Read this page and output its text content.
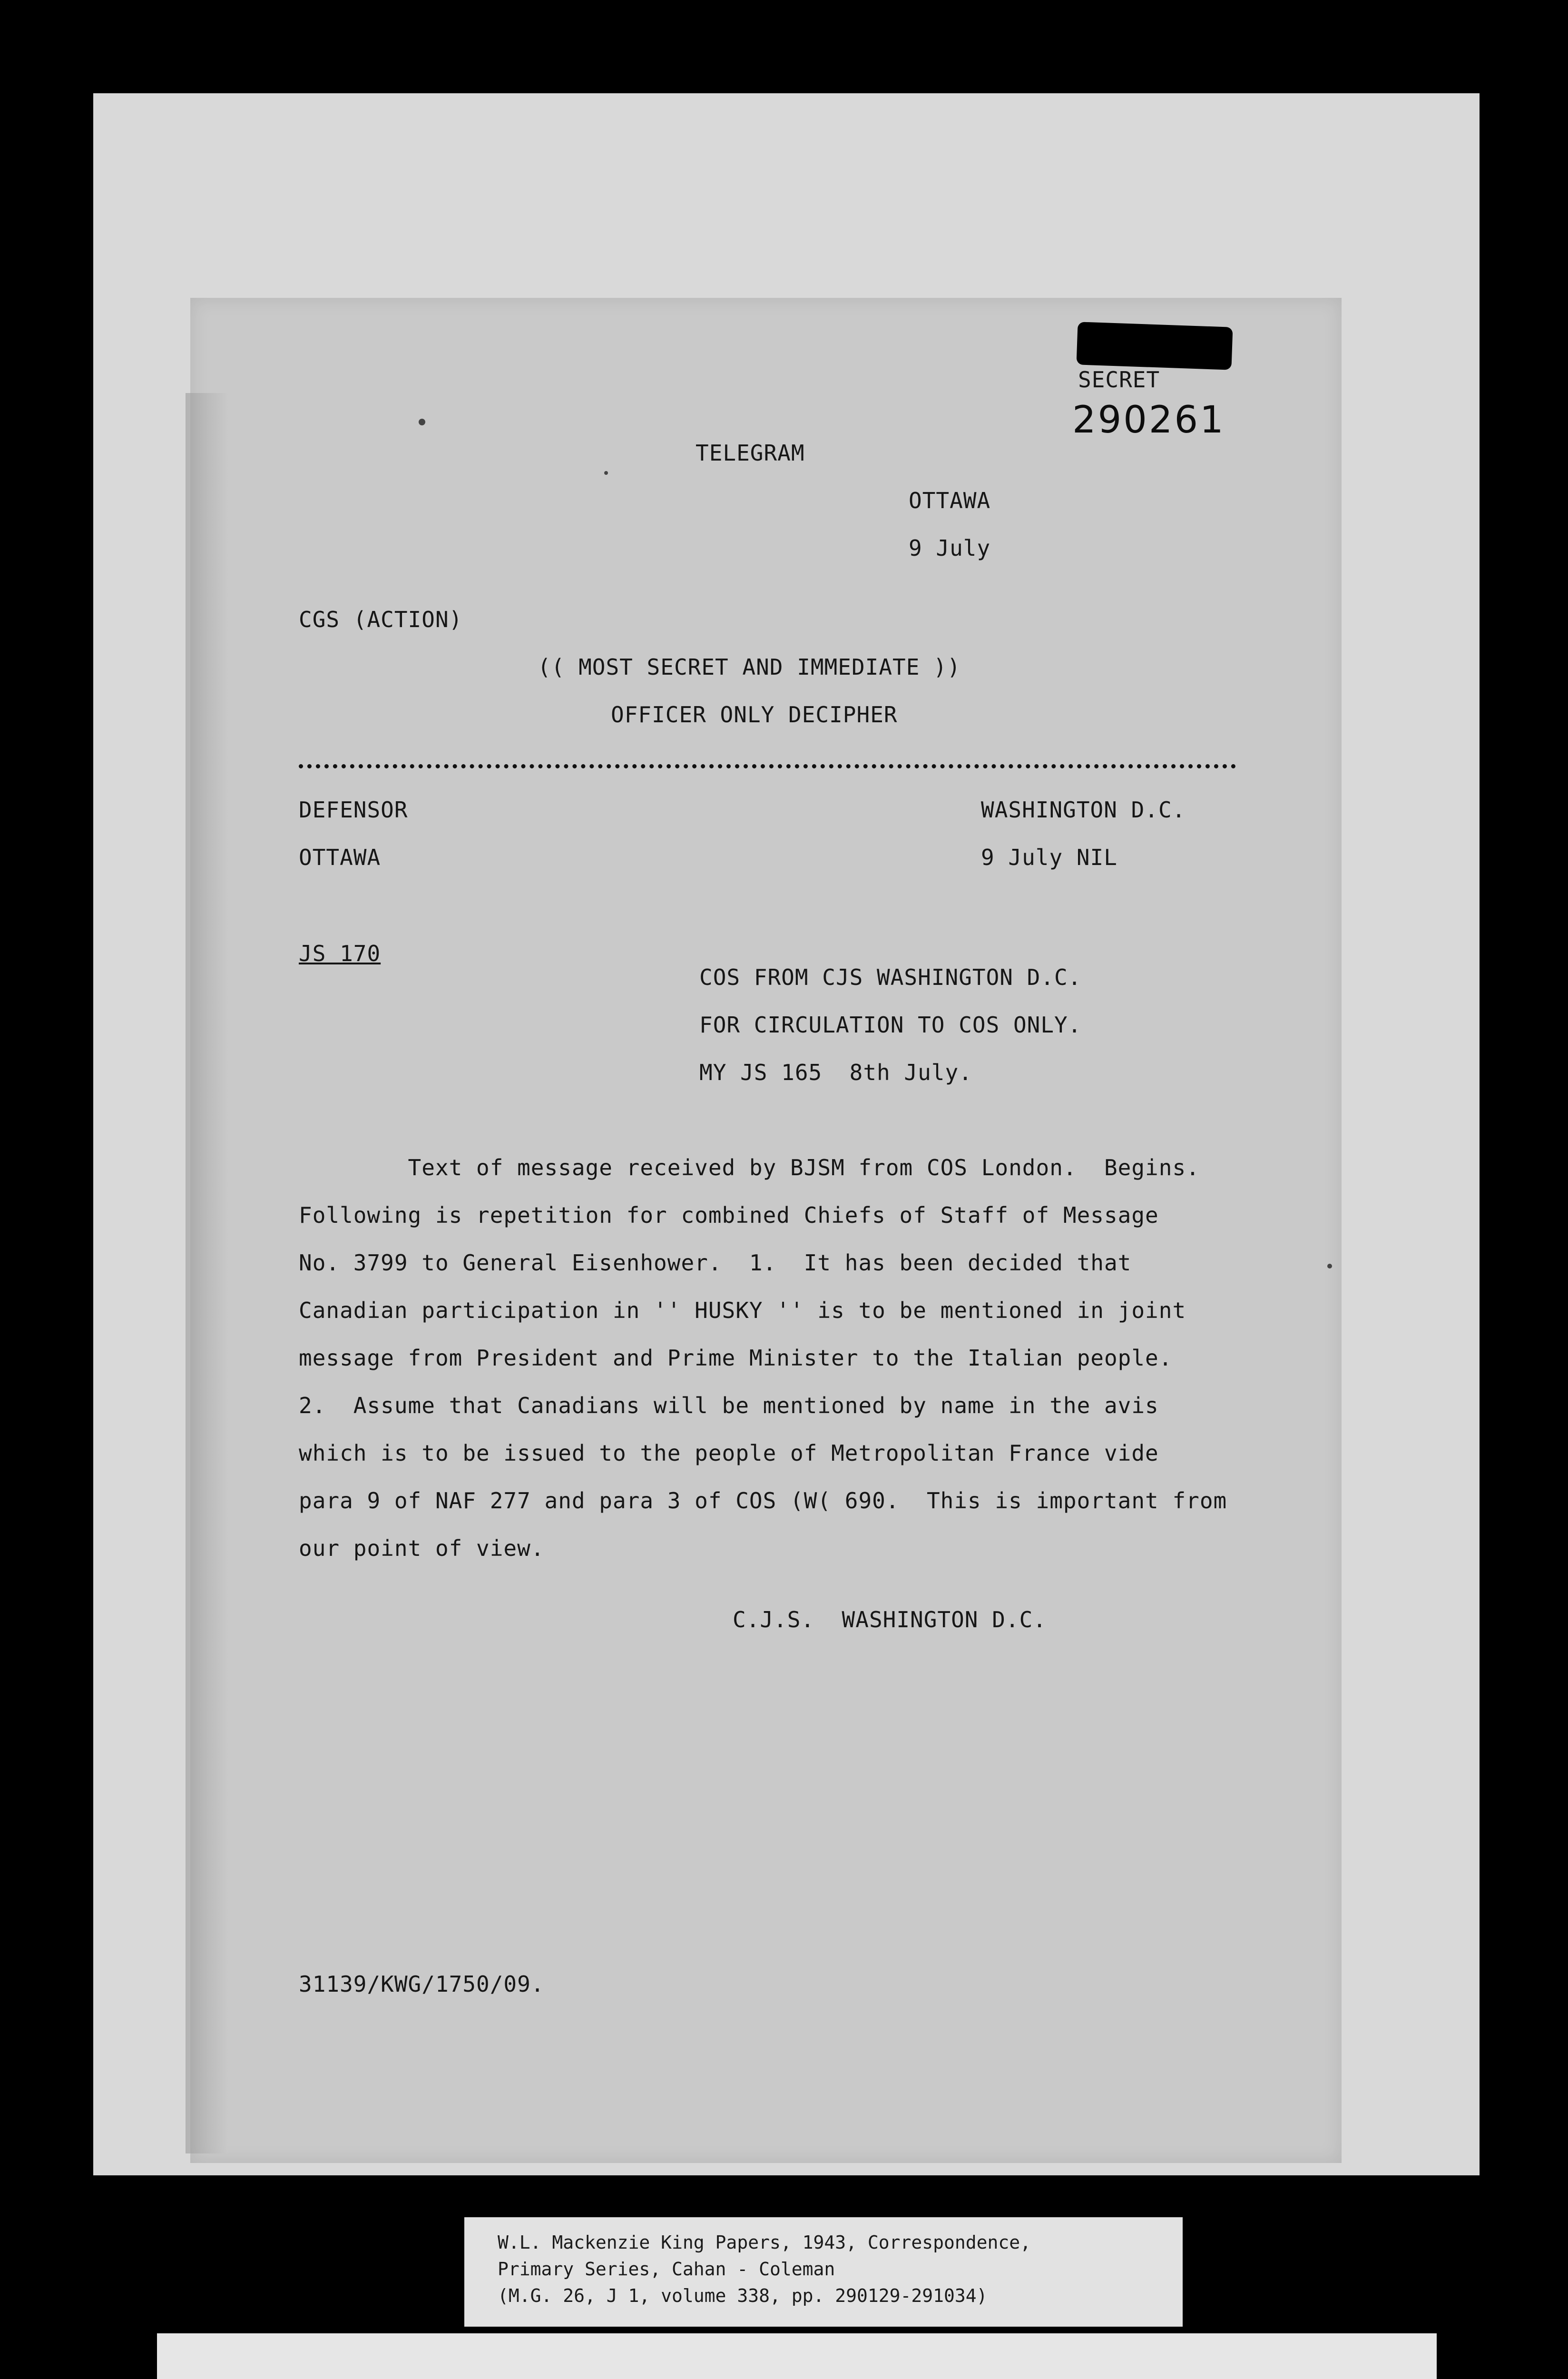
SECRET
290261
TELEGRAM
OTTAWA
9 July
CGS (ACTION)
(( MOST SECRET AND IMMEDIATE ))
OFFICER ONLY DECIPHER
DEFENSOR	WASHINGTON D.C.
OTTAWA	9 July NIL
JS 170
COS FROM CJS WASHINGTON D.C.
FOR CIRCULATION TO COS ONLY.
MY JS 165  8th July.
Text of message received by BJSM from COS London.  Begins.
Following is repetition for combined Chiefs of Staff of Message
No. 3799 to General Eisenhower.  1.  It has been decided that
Canadian participation in '' HUSKY '' is to be mentioned in joint
message from President and Prime Minister to the Italian people.
2.  Assume that Canadians will be mentioned by name in the avis
which is to be issued to the people of Metropolitan France vide
para 9 of NAF 277 and para 3 of COS (W( 690.  This is important from
our point of view.
C.J.S.  WASHINGTON D.C.
31139/KWG/1750/09.
W.L. Mackenzie King Papers, 1943, Correspondence,
Primary Series, Cahan - Coleman
(M.G. 26, J 1, volume 338, pp. 290129-291034)
